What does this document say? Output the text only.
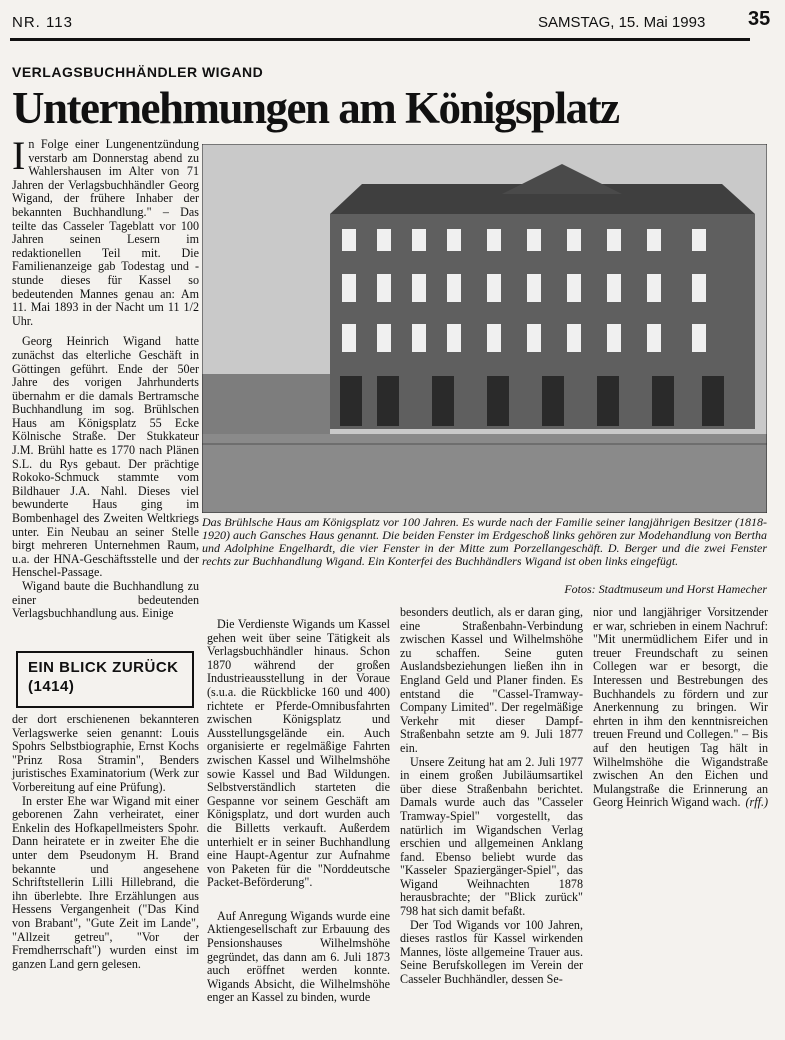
NR. 113	SAMSTAG, 15. Mai 1993 35
VERLAGSBUCHHÄNDLER WIGAND
Unternehmungen am Königsplatz

In Folge einer Lungenentzündung verstarb am Donnerstag abend zu Wahlershausen im Alter von 71 Jahren der Verlagsbuchhändler Georg Wigand, der frühere Inhaber der bekannten Buchhandlung." – Das teilte das Casseler Tageblatt vor 100 Jahren seinen Lesern im redaktionellen Teil mit. Die Familienanzeige gab Todestag und -stunde dieses für Kassel so bedeutenden Mannes genau an: Am 11. Mai 1893 in der Nacht um 11 1/2 Uhr.

Georg Heinrich Wigand hatte zunächst das elterliche Geschäft in Göttingen geführt. Ende der 50er Jahre des vorigen Jahrhunderts übernahm er die damals Bertramsche Buchhandlung im sog. Brühlschen Haus am Königsplatz 55 Ecke Kölnische Straße. Der Stukkateur J.M. Brühl hatte es 1770 nach Plänen S.L. du Rys gebaut. Der prächtige Rokoko-Schmuck stammte vom Bildhauer J.A. Nahl. Dieses viel bewunderte Haus ging im Bombenhagel des Zweiten Weltkriegs unter. Ein Neubau an seiner Stelle birgt mehreren Unternehmen Raum, u.a. der HNA-Geschäftsstelle und der Henschel-Passage.

Wigand baute die Buchhandlung zu einer bedeutenden Verlagsbuchhandlung aus. Einige

Das Brühlsche Haus am Königsplatz vor 100 Jahren. Es wurde nach der Familie seiner langjährigen Besitzer (1818-1920) auch Gansches Haus genannt. Die beiden Fenster im Erdgeschoß links gehören zur Modehandlung von Bertha und Adolphine Engelhardt, die vier Fenster in der Mitte zum Porzellangeschäft. D. Berger und die zwei Fenster rechts zur Buchhandlung Wigand. Ein Konterfei des Buchhändlers Wigand ist oben links eingefügt.
Fotos: Stadtmuseum und Horst Hamecher
EIN BLICK ZURÜCK
(1414)

der dort erschienenen bekannteren Verlagswerke seien genannt: Louis Spohrs Selbstbiographie, Ernst Kochs "Prinz Rosa Stramin", Benders juristisches Examinatorium (Werk zur Vorbereitung auf eine Prüfung).

In erster Ehe war Wigand mit einer geborenen Zahn verheiratet, einer Enkelin des Hofkapellmeisters Spohr. Dann heiratete er in zweiter Ehe die unter dem Pseudonym H. Brand bekannte und angesehene Schriftstellerin Lilli Hillebrand, die ihn überlebte. Ihre Erzählungen aus Hessens Vergangenheit ("Das Kind von Brabant", "Gute Zeit im Lande", "Allzeit getreu", "Vor der Fremdherrschaft") wurden einst im ganzen Land gern gelesen.

Die Verdienste Wigands um Kassel gehen weit über seine Tätigkeit als Verlagsbuchhändler hinaus. Schon 1870 während der großen Industrieausstellung in der Voraue (s.u.a. die Rückblicke 160 und 400) richtete er Pferde-Omnibusfahrten zwischen Königsplatz und Ausstellungsgelände ein. Auch organisierte er regelmäßige Fahrten zwischen Kassel und Wilhelmshöhe sowie Kassel und Bad Wildungen. Selbstverständlich starteten die Gespanne vor seinem Geschäft am Königsplatz, und dort wurden auch die Billetts verkauft. Außerdem unterhielt er in seiner Buchhandlung eine Haupt-Agentur zur Aufnahme von Paketen für die "Norddeutsche Packet-Beförderung".

Auf Anregung Wigands wurde eine Aktiengesellschaft zur Erbauung des Pensionshauses Wilhelmshöhe gegründet, das dann am 6. Juli 1873 auch eröffnet werden konnte. Wigands Absicht, die Wilhelmshöhe enger an Kassel zu binden, wurde

besonders deutlich, als er daran ging, eine Straßenbahn-Verbindung zwischen Kassel und Wilhelmshöhe zu schaffen. Seine guten Auslandsbeziehungen ließen ihn in England Geld und Planer finden. Es entstand die "Cassel-Tramway-Company Limited". Der regelmäßige Verkehr mit dieser Dampf-Straßenbahn setzte am 9. Juli 1877 ein.

Unsere Zeitung hat am 2. Juli 1977 in einem großen Jubiläumsartikel über diese Straßenbahn berichtet. Damals wurde auch das "Casseler Tramway-Spiel" vorgestellt, das natürlich im Wigandschen Verlag erschien und allgemeinen Anklang fand. Ebenso beliebt wurde das "Kasseler Spaziergänger-Spiel", das Wigand Weihnachten 1878 herausbrachte; der "Blick zurück" 798 hat sich damit befaßt.

Der Tod Wigands vor 100 Jahren, dieses rastlos für Kassel wirkenden Mannes, löste allgemeine Trauer aus. Seine Berufskollegen im Verein der Casseler Buchhändler, dessen Se-

nior und langjähriger Vorsitzender er war, schrieben in einem Nachruf: "Mit unermüdlichem Eifer und in treuer Freundschaft zu seinen Collegen war er besorgt, die Interessen und Bestrebungen des Buchhandels zu fördern und zur Anerkennung zu bringen. Wir ehrten in ihm den kenntnisreichen treuen Freund und Collegen." – Bis auf den heutigen Tag hält in Wilhelmshöhe die Wigandstraße zwischen An den Eichen und Mulangstraße die Erinnerung an Georg Heinrich Wigand wach. (rff.)
